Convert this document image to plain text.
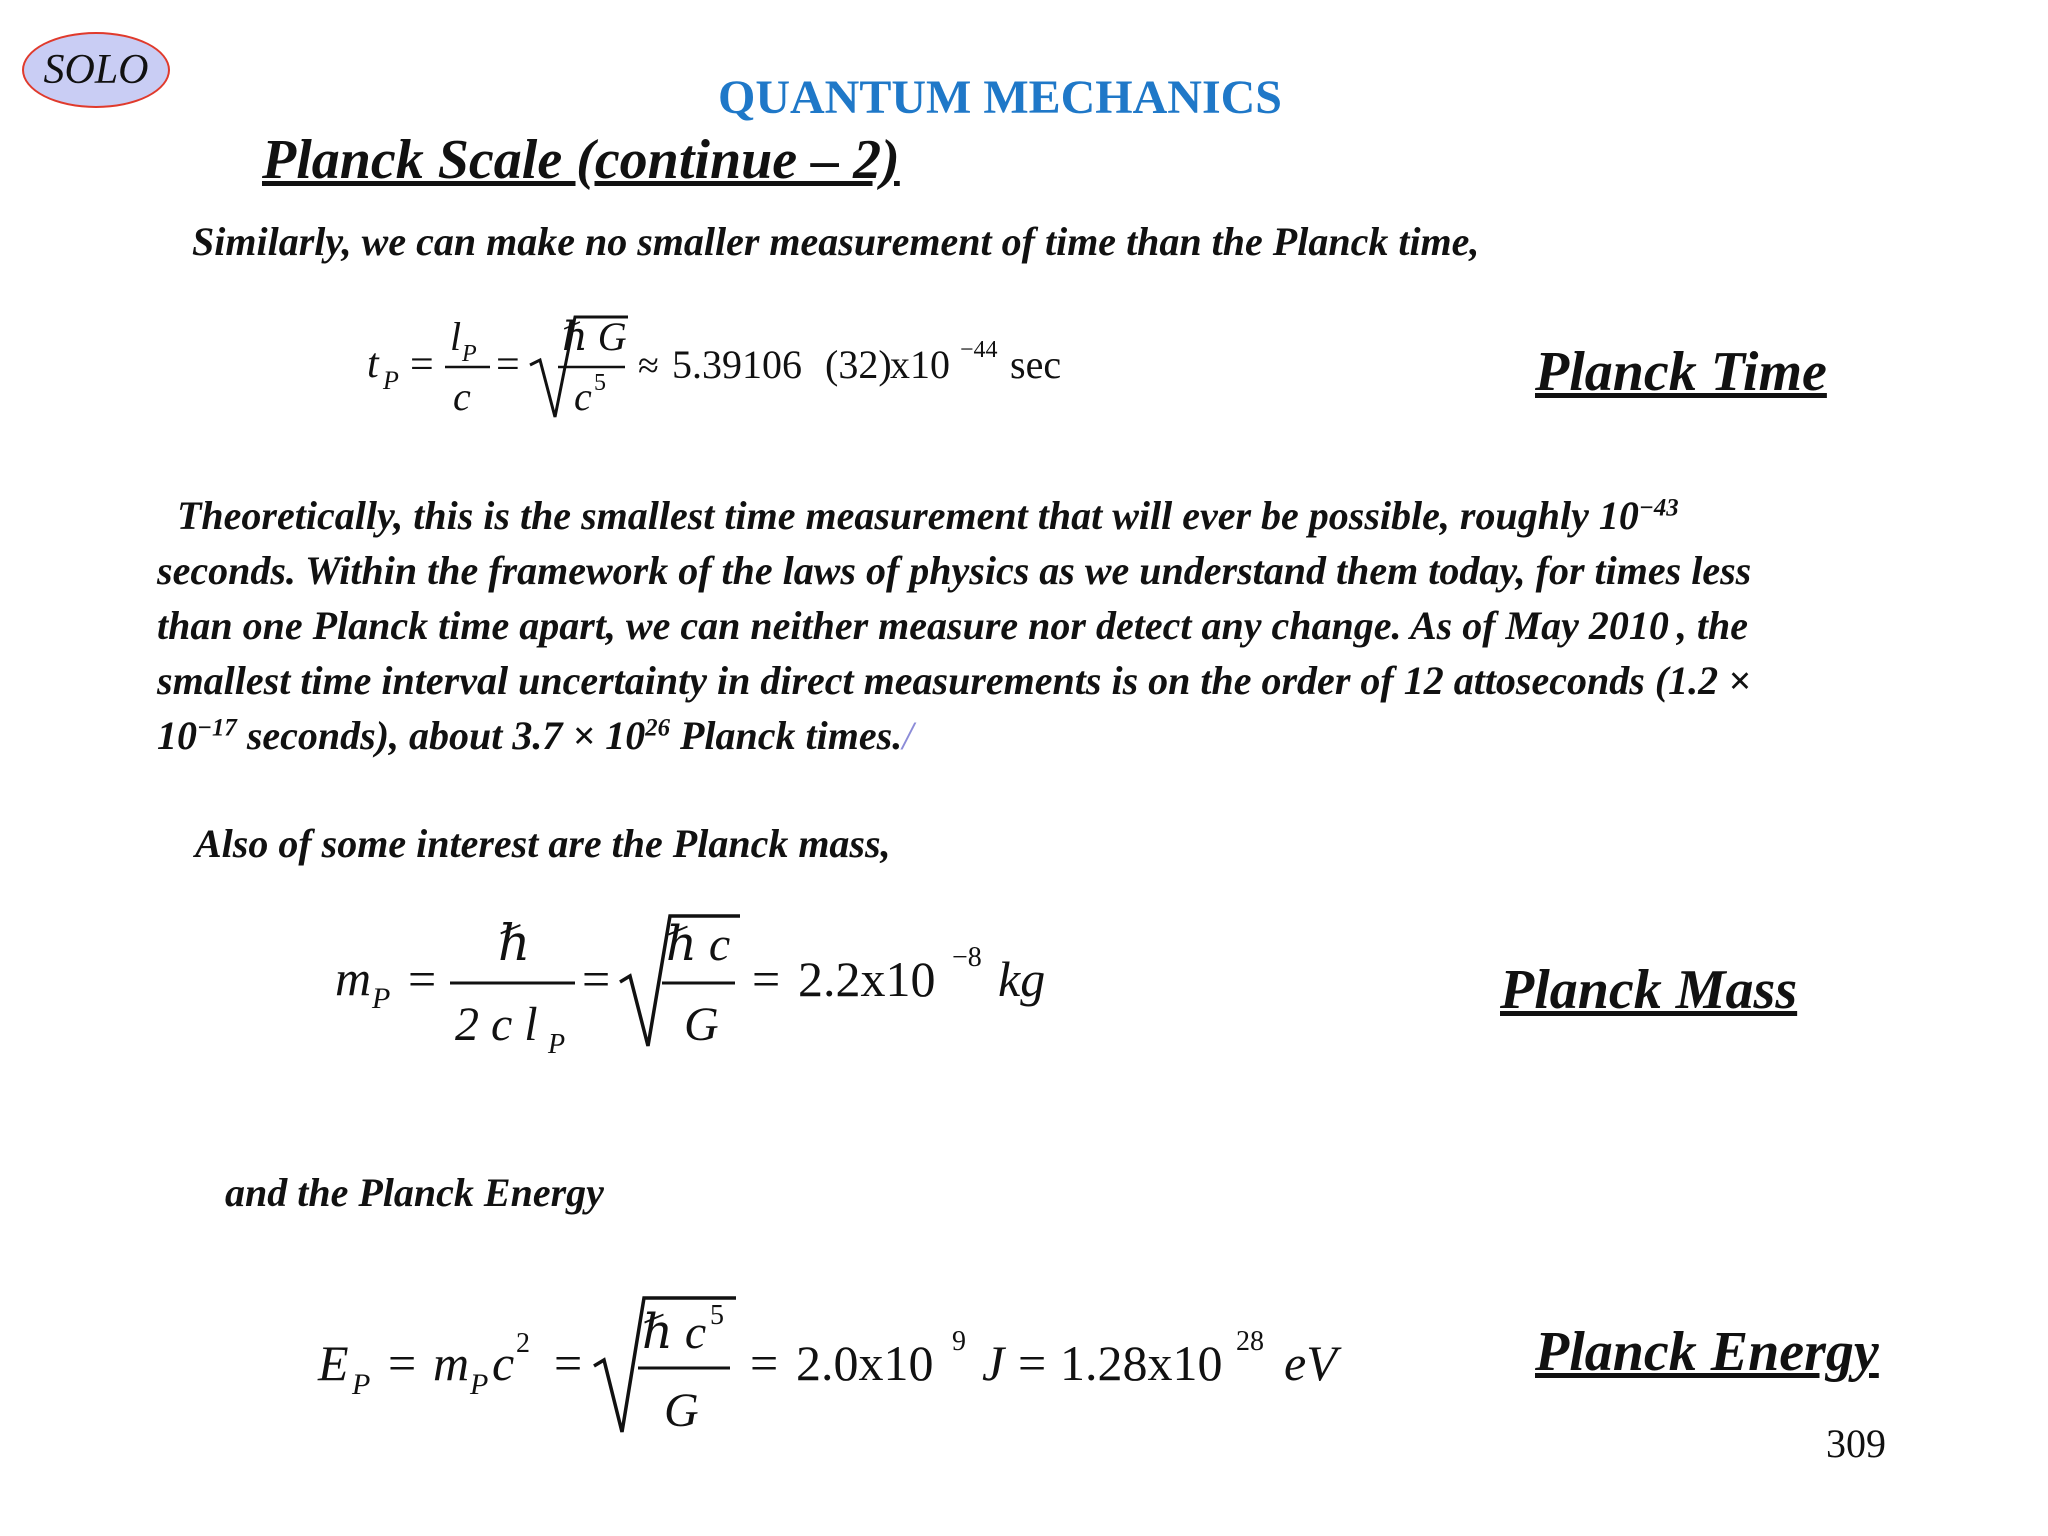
SOLO
QUANTUM MECHANICS
Planck Scale (continue – 2)
Similarly, we can make no smaller measurement of time than the Planck time,
t P =
l P
c
=
ℏ G
c 5 ≈ 5.39106 (32)
x10 −44 sec	Planck Time
Theoretically, this is the smallest time measurement that will ever be possible, roughly $10^{-43}$
seconds. Within the framework of the laws of physics as we understand them today, for times less
than one Planck time apart, we can neither measure nor detect any change. As of May 2010 , the
smallest time interval uncertainty in direct measurements is on the order of 12 attoseconds (1.2 ×
$10^{-17}$ seconds), about $3.7 \times 10^{26}$ Planck times./
Also of some interest are the Planck mass,
m P =
ℏ
2 c l P
=
ℏ c
G
= 2.2x10 −8 kg	Planck Mass
and the Planck Energy
E P = m P c 2 =
ℏ c 5
G
= 2.0x10 9 J = 1.28x10 28 eV	Planck Energy
309
